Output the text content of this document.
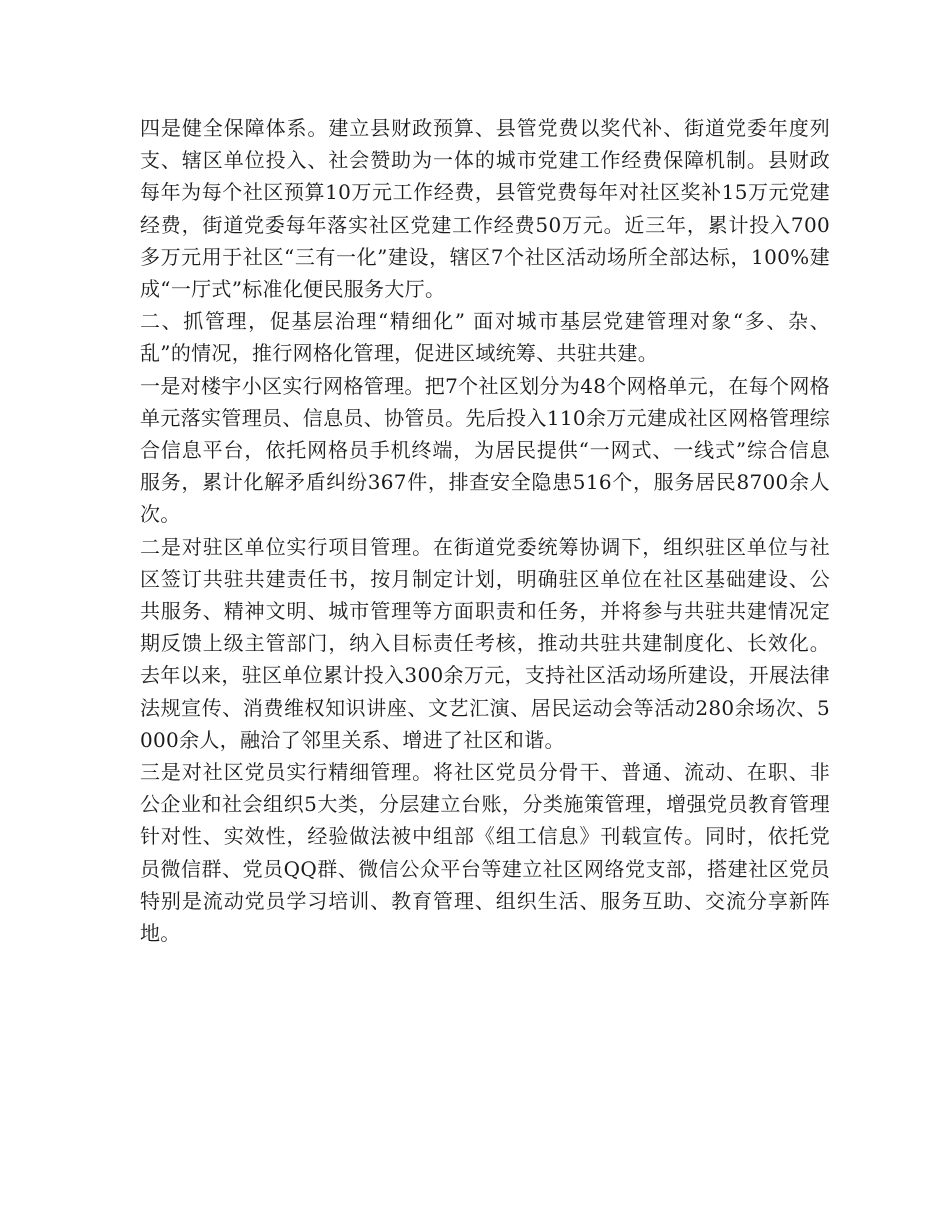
四是健全保障体系。建立县财政预算、县管党费以奖代补、街道党委年度列支、辖区单位投入、社会赞助为一体的城市党建工作经费保障机制。县财政每年为每个社区预算10万元工作经费，县管党费每年对社区奖补15万元党建经费，街道党委每年落实社区党建工作经费50万元。近三年，累计投入700多万元用于社区“三有一化”建设，辖区7个社区活动场所全部达标，100%建成“一厅式”标准化便民服务大厅。

二、抓管理，促基层治理“精细化” 面对城市基层党建管理对象“多、杂、乱”的情况，推行网格化管理，促进区域统筹、共驻共建。

一是对楼宇小区实行网格管理。把7个社区划分为48个网格单元，在每个网格单元落实管理员、信息员、协管员。先后投入110余万元建成社区网格管理综合信息平台，依托网格员手机终端，为居民提供“一网式、一线式”综合信息服务，累计化解矛盾纠纷367件，排查安全隐患516个，服务居民8700余人次。

二是对驻区单位实行项目管理。在街道党委统筹协调下，组织驻区单位与社区签订共驻共建责任书，按月制定计划，明确驻区单位在社区基础建设、公共服务、精神文明、城市管理等方面职责和任务，并将参与共驻共建情况定期反馈上级主管部门，纳入目标责任考核，推动共驻共建制度化、长效化。去年以来，驻区单位累计投入300余万元，支持社区活动场所建设，开展法律法规宣传、消费维权知识讲座、文艺汇演、居民运动会等活动280余场次、5000余人，融洽了邻里关系、增进了社区和谐。

三是对社区党员实行精细管理。将社区党员分骨干、普通、流动、在职、非公企业和社会组织5大类，分层建立台账，分类施策管理，增强党员教育管理针对性、实效性，经验做法被中组部《组工信息》刊载宣传。同时，依托党员微信群、党员QQ群、微信公众平台等建立社区网络党支部，搭建社区党员特别是流动党员学习培训、教育管理、组织生活、服务互助、交流分享新阵地。
